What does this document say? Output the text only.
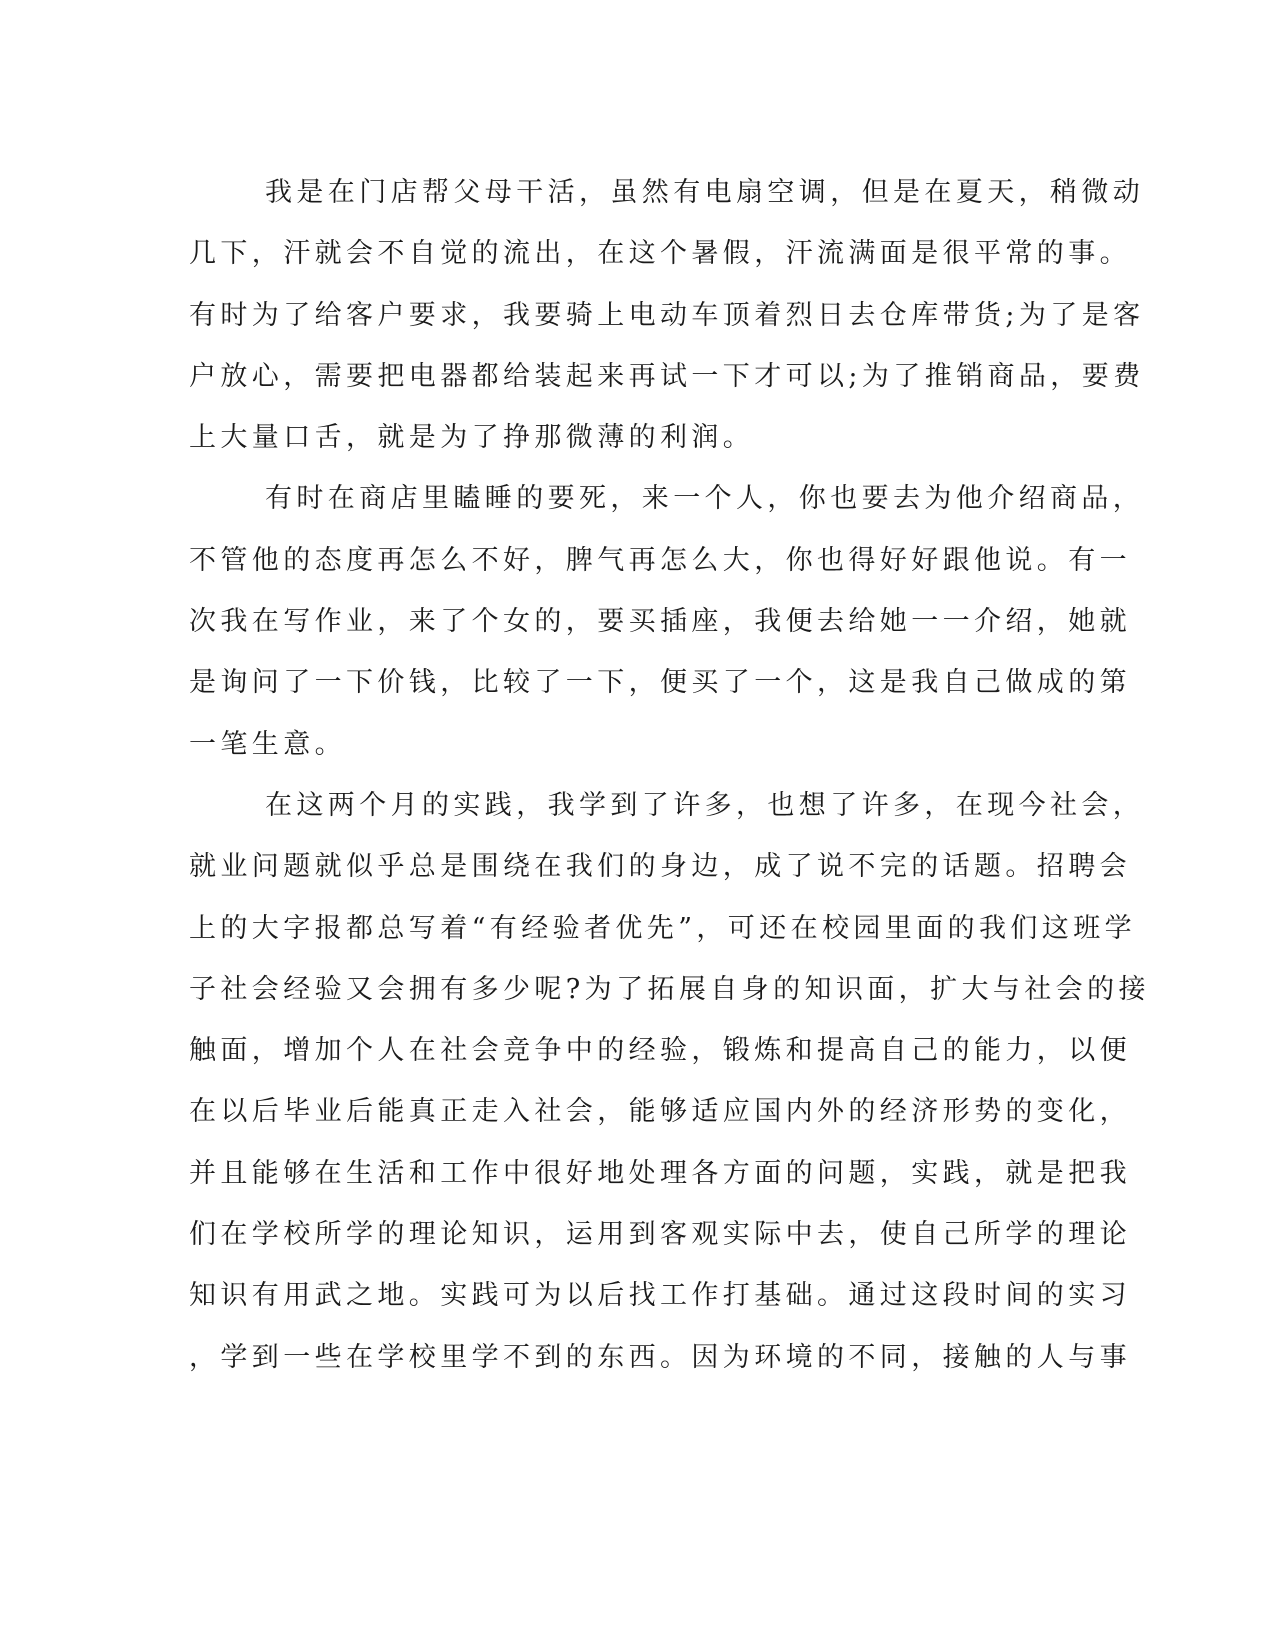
我是在门店帮父母干活，虽然有电扇空调，但是在夏天，稍微动
几下，汗就会不自觉的流出，在这个暑假，汗流满面是很平常的事。
有时为了给客户要求，我要骑上电动车顶着烈日去仓库带货;为了是客
户放心，需要把电器都给装起来再试一下才可以;为了推销商品，要费
上大量口舌，就是为了挣那微薄的利润。
有时在商店里瞌睡的要死，来一个人，你也要去为他介绍商品，
不管他的态度再怎么不好，脾气再怎么大，你也得好好跟他说。有一
次我在写作业，来了个女的，要买插座，我便去给她一一介绍，她就
是询问了一下价钱，比较了一下，便买了一个，这是我自己做成的第
一笔生意。
在这两个月的实践，我学到了许多，也想了许多，在现今社会，
就业问题就似乎总是围绕在我们的身边，成了说不完的话题。招聘会
上的大字报都总写着“有经验者优先”，可还在校园里面的我们这班学
子社会经验又会拥有多少呢?为了拓展自身的知识面，扩大与社会的接
触面，增加个人在社会竞争中的经验，锻炼和提高自己的能力，以便
在以后毕业后能真正走入社会，能够适应国内外的经济形势的变化，
并且能够在生活和工作中很好地处理各方面的问题，实践，就是把我
们在学校所学的理论知识，运用到客观实际中去，使自己所学的理论
知识有用武之地。实践可为以后找工作打基础。通过这段时间的实习
，学到一些在学校里学不到的东西。因为环境的不同，接触的人与事
